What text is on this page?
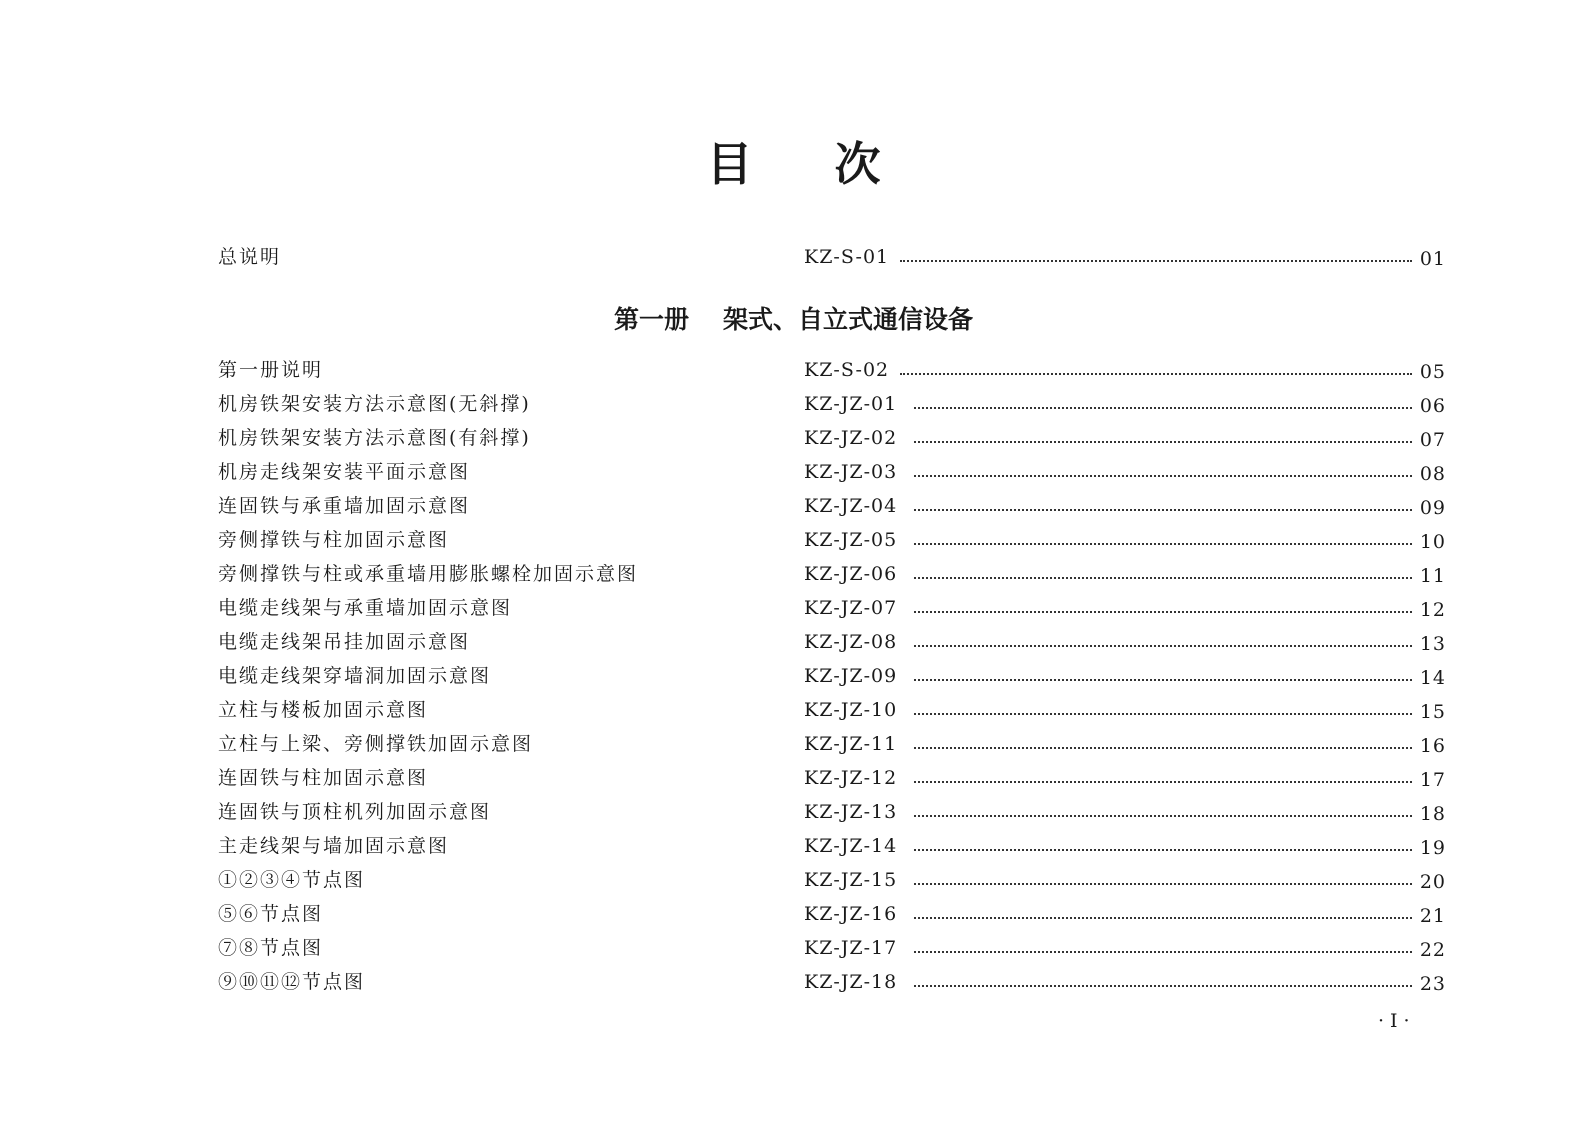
目 次
总说明	KZ-S-01	01
第一册 架式、自立式通信设备
第一册说明	KZ-S-02	05
机房铁架安装方法示意图(无斜撑)	KZ-JZ-01	06
机房铁架安装方法示意图(有斜撑)	KZ-JZ-02	07
机房走线架安装平面示意图	KZ-JZ-03	08
连固铁与承重墙加固示意图	KZ-JZ-04	09
旁侧撑铁与柱加固示意图	KZ-JZ-05	10
旁侧撑铁与柱或承重墙用膨胀螺栓加固示意图	KZ-JZ-06	11
电缆走线架与承重墙加固示意图	KZ-JZ-07	12
电缆走线架吊挂加固示意图	KZ-JZ-08	13
电缆走线架穿墙洞加固示意图	KZ-JZ-09	14
立柱与楼板加固示意图	KZ-JZ-10	15
立柱与上梁、旁侧撑铁加固示意图	KZ-JZ-11	16
连固铁与柱加固示意图	KZ-JZ-12	17
连固铁与顶柱机列加固示意图	KZ-JZ-13	18
主走线架与墙加固示意图	KZ-JZ-14	19
①②③④节点图	KZ-JZ-15	20
⑤⑥节点图	KZ-JZ-16	21
⑦⑧节点图	KZ-JZ-17	22
⑨⑩⑪⑫节点图	KZ-JZ-18	23
·I·
